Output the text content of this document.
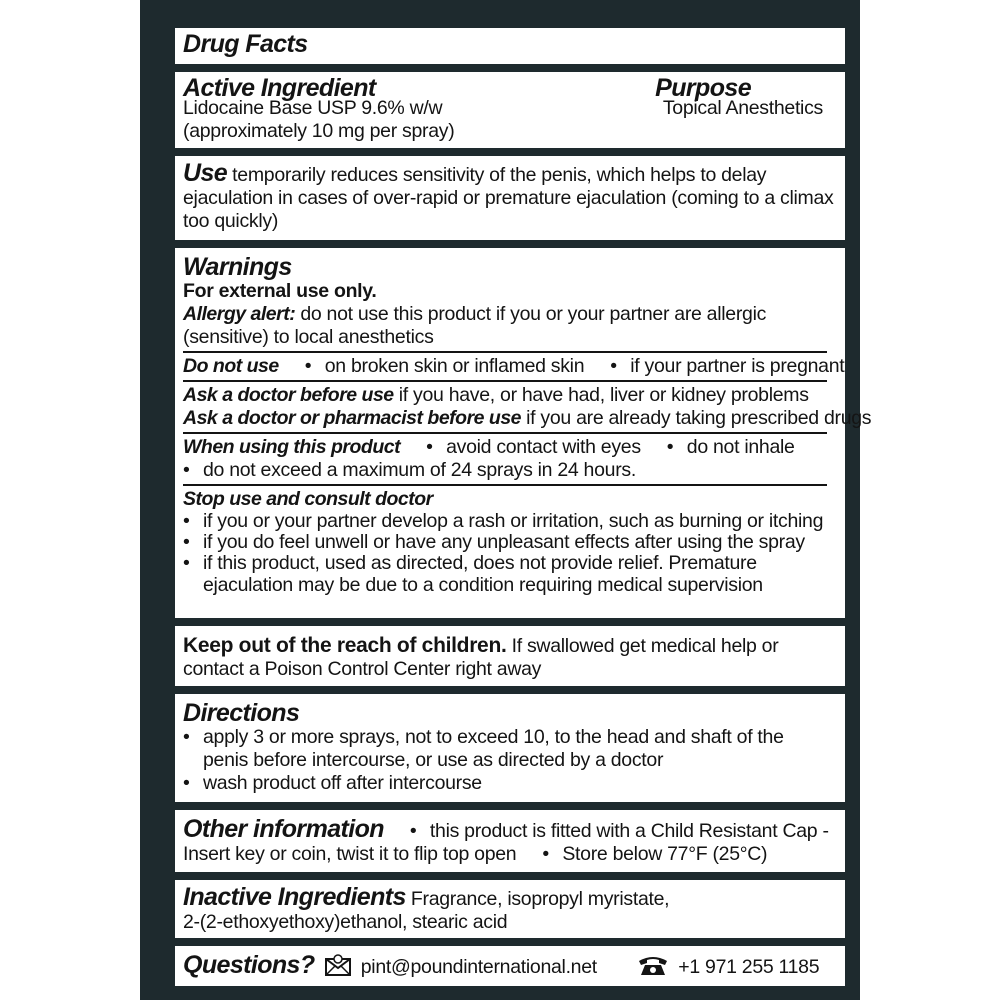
Drug Facts
Active Ingredient	Purpose
Lidocaine Base USP 9.6% w/w	Topical Anesthetics
(approximately 10 mg per spray)
Use temporarily reduces sensitivity of the penis, which helps to delay
ejaculation in cases of over-rapid or premature ejaculation (coming to a climax
too quickly)
Warnings
For external use only.
Allergy alert: do not use this product if you or your partner are allergic
(sensitive) to local anesthetics
Do not use • on broken skin or inflamed skin • if your partner is pregnant
Ask a doctor before use if you have, or have had, liver or kidney problems
Ask a doctor or pharmacist before use if you are already taking prescribed drugs
When using this product • avoid contact with eyes • do not inhale
• do not exceed a maximum of 24 sprays in 24 hours.
Stop use and consult doctor
• if you or your partner develop a rash or irritation, such as burning or itching
• if you do feel unwell or have any unpleasant effects after using the spray
• if this product, used as directed, does not provide relief. Premature
ejaculation may be due to a condition requiring medical supervision
Keep out of the reach of children. If swallowed get medical help or
contact a Poison Control Center right away
Directions
• apply 3 or more sprays, not to exceed 10, to the head and shaft of the
penis before intercourse, or use as directed by a doctor
• wash product off after intercourse
Other information • this product is fitted with a Child Resistant Cap -
Insert key or coin, twist it to flip top open • Store below 77°F (25°C)
Inactive Ingredients Fragrance, isopropyl myristate,
2-(2-ethoxyethoxy)ethanol, stearic acid
Questions? pint@poundinternational.net	+1 971 255 1185
